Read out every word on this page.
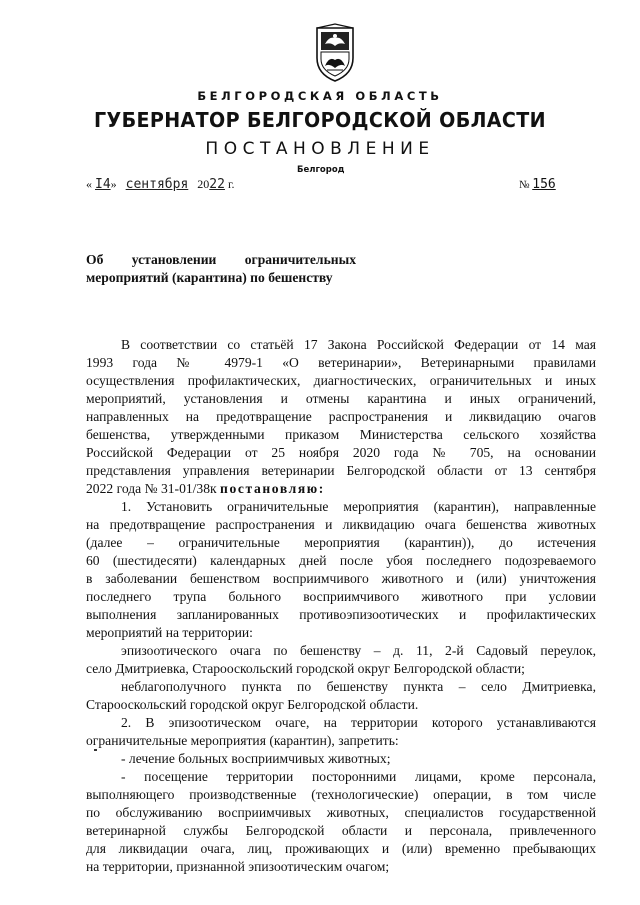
БЕЛГОРОДСКАЯ ОБЛАСТЬ
ГУБЕРНАТОР БЕЛГОРОДСКОЙ ОБЛАСТИ
ПОСТАНОВЛЕНИЕ
Белгород
« I4» сентября 2022 г.	№ 156
Об установлении ограничительных
мероприятий (карантина) по бешенству
В соответствии со статьёй 17 Закона Российской Федерации от 14 мая
1993 года № 4979-1 «О ветеринарии», Ветеринарными правилами
осуществления профилактических, диагностических, ограничительных и иных
мероприятий, установления и отмены карантина и иных ограничений,
направленных на предотвращение распространения и ликвидацию очагов
бешенства, утвержденными приказом Министерства сельского хозяйства
Российской Федерации от 25 ноября 2020 года № 705, на основании
представления управления ветеринарии Белгородской области от 13 сентября
2022 года № 31-01/38к постановляю:
1. Установить ограничительные мероприятия (карантин), направленные
на предотвращение распространения и ликвидацию очага бешенства животных
(далее – ограничительные мероприятия (карантин)), до истечения
60 (шестидесяти) календарных дней после убоя последнего подозреваемого
в заболевании бешенством восприимчивого животного и (или) уничтожения
последнего трупа больного восприимчивого животного при условии
выполнения запланированных противоэпизоотических и профилактических
мероприятий на территории:
эпизоотического очага по бешенству – д. 11, 2-й Садовый переулок,
село Дмитриевка, Старооскольский городской округ Белгородской области;
неблагополучного пункта по бешенству пункта – село Дмитриевка,
Старооскольский городской округ Белгородской области.
2. В эпизоотическом очаге, на территории которого устанавливаются
ограничительные мероприятия (карантин), запретить:
- лечение больных восприимчивых животных;
- посещение территории посторонними лицами, кроме персонала,
выполняющего производственные (технологические) операции, в том числе
по обслуживанию восприимчивых животных, специалистов государственной
ветеринарной службы Белгородской области и персонала, привлеченного
для ликвидации очага, лиц, проживающих и (или) временно пребывающих
на территории, признанной эпизоотическим очагом;
